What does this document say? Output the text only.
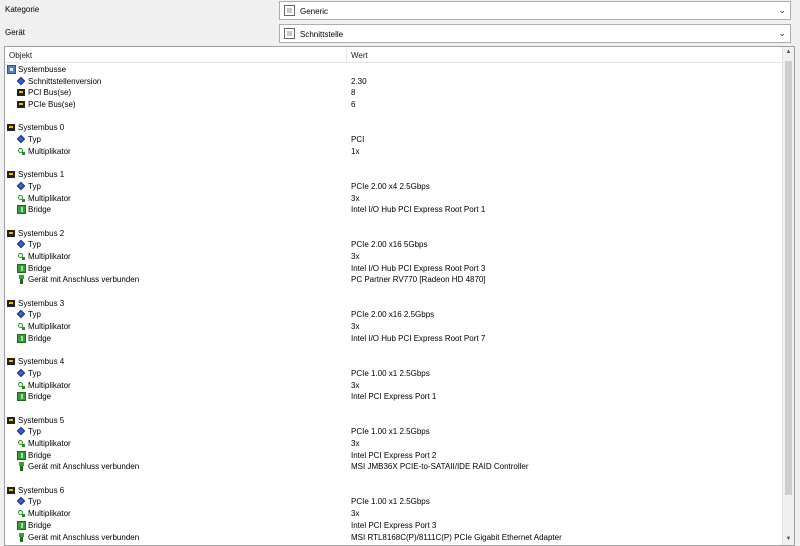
Kategorie	Generic	⌄
Gerät	Schnittstelle	⌄
Objekt	Wert
Systembusse
Schnittstellenversion	2.30
PCI Bus(se)	8
PCIe Bus(se)	6
Systembus 0
Typ	PCI
Multiplikator	1x
Systembus 1
Typ	PCIe 2.00 x4 2.5Gbps
Multiplikator	3x
Bridge	Intel I/O Hub PCI Express Root Port 1
Systembus 2
Typ	PCIe 2.00 x16 5Gbps
Multiplikator	3x
Bridge	Intel I/O Hub PCI Express Root Port 3
Gerät mit Anschluss verbunden	PC Partner RV770 [Radeon HD 4870]
Systembus 3
Typ	PCIe 2.00 x16 2.5Gbps
Multiplikator	3x
Bridge	Intel I/O Hub PCI Express Root Port 7
Systembus 4
Typ	PCIe 1.00 x1 2.5Gbps
Multiplikator	3x
Bridge	Intel PCI Express Port 1
Systembus 5
Typ	PCIe 1.00 x1 2.5Gbps
Multiplikator	3x
Bridge	Intel PCI Express Port 2
Gerät mit Anschluss verbunden	MSI JMB36X PCIE-to-SATAII/IDE RAID Controller
Systembus 6
Typ	PCIe 1.00 x1 2.5Gbps
Multiplikator	3x
Bridge	Intel PCI Express Port 3
Gerät mit Anschluss verbunden	MSI RTL8168C(P)/8111C(P) PCIe Gigabit Ethernet Adapter
▲
▼
